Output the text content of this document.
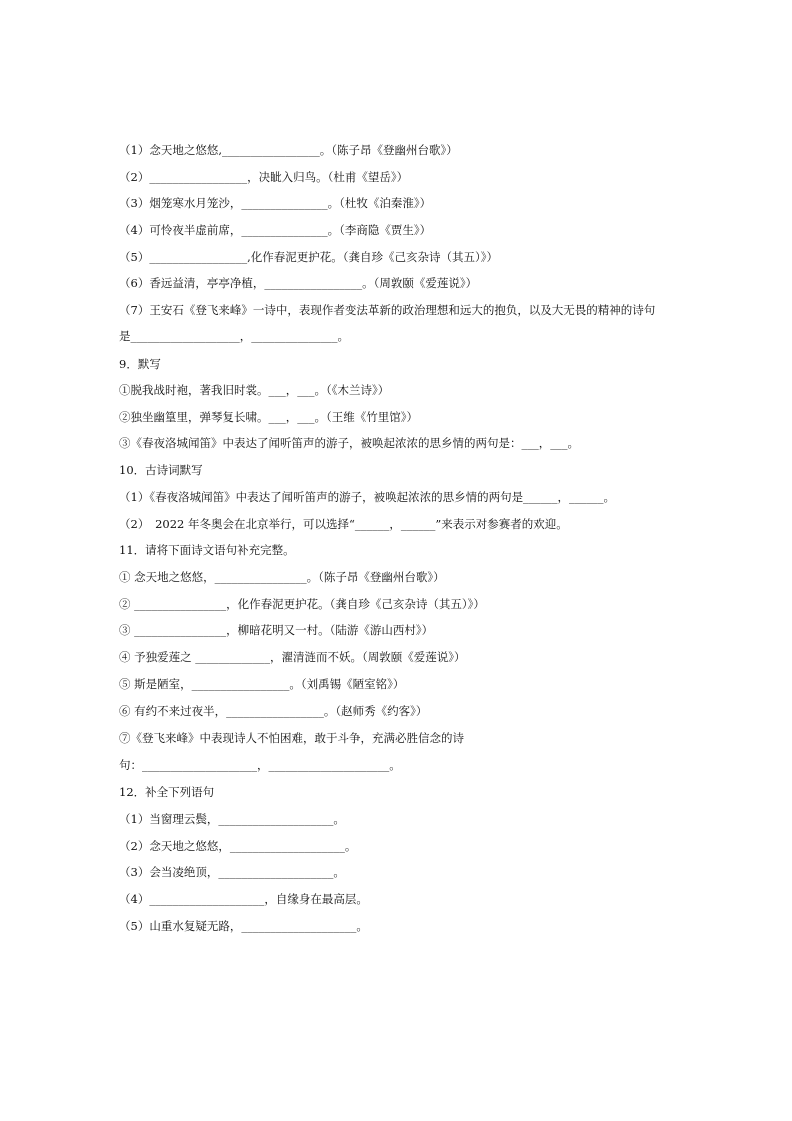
（1）念天地之悠悠,_________________。（陈子昂《登幽州台歌》）
（2）_________________，决眦入归鸟。（杜甫《望岳》）
（3）烟笼寒水月笼沙，_______________。（杜牧《泊秦淮》）
（4）可怜夜半虚前席，_______________。（李商隐《贾生》）
（5）_________________,化作春泥更护花。（龚自珍《己亥杂诗（其五）》）
（6）香远益清，亭亭净植，_________________。（周敦颐《爱莲说》）
（7）王安石《登飞来峰》一诗中，表现作者变法革新的政治理想和远大的抱负，以及大无畏的精神的诗句
是___________________，_______________。
9．默写
①脱我战时袍，著我旧时裳。___，___。（《木兰诗》）
②独坐幽篁里，弹琴复长啸。___，___。（王维《竹里馆》）
③《春夜洛城闻笛》中表达了闻听笛声的游子，被唤起浓浓的思乡情的两句是：___，___。
10．古诗词默写
（1）《春夜洛城闻笛》中表达了闻听笛声的游子，被唤起浓浓的思乡情的两句是______，______。
（2）　2022 年冬奥会在北京举行，可以选择“______，______”来表示对参赛者的欢迎。
11．请将下面诗文语句补充完整。
① 念天地之悠悠，________________。（陈子昂《登幽州台歌》）
② ________________，化作春泥更护花。（龚自珍《己亥杂诗（其五）》）
③ ________________，柳暗花明又一村。（陆游《游山西村》）
④ 予独爱莲之 _____________，濯清涟而不妖。（周敦颐《爱莲说》）
⑤ 斯是陋室，_________________。（刘禹锡《陋室铭》）
⑥ 有约不来过夜半，_________________。（赵师秀《约客》）
⑦《登飞来峰》中表现诗人不怕困难，敢于斗争，充满必胜信念的诗
句：____________________，_____________________。
12．补全下列语句
（1）当窗理云鬓，____________________。
（2）念天地之悠悠，____________________。
（3）会当凌绝顶，____________________。
（4）____________________，自缘身在最高层。
（5）山重水复疑无路，____________________。
